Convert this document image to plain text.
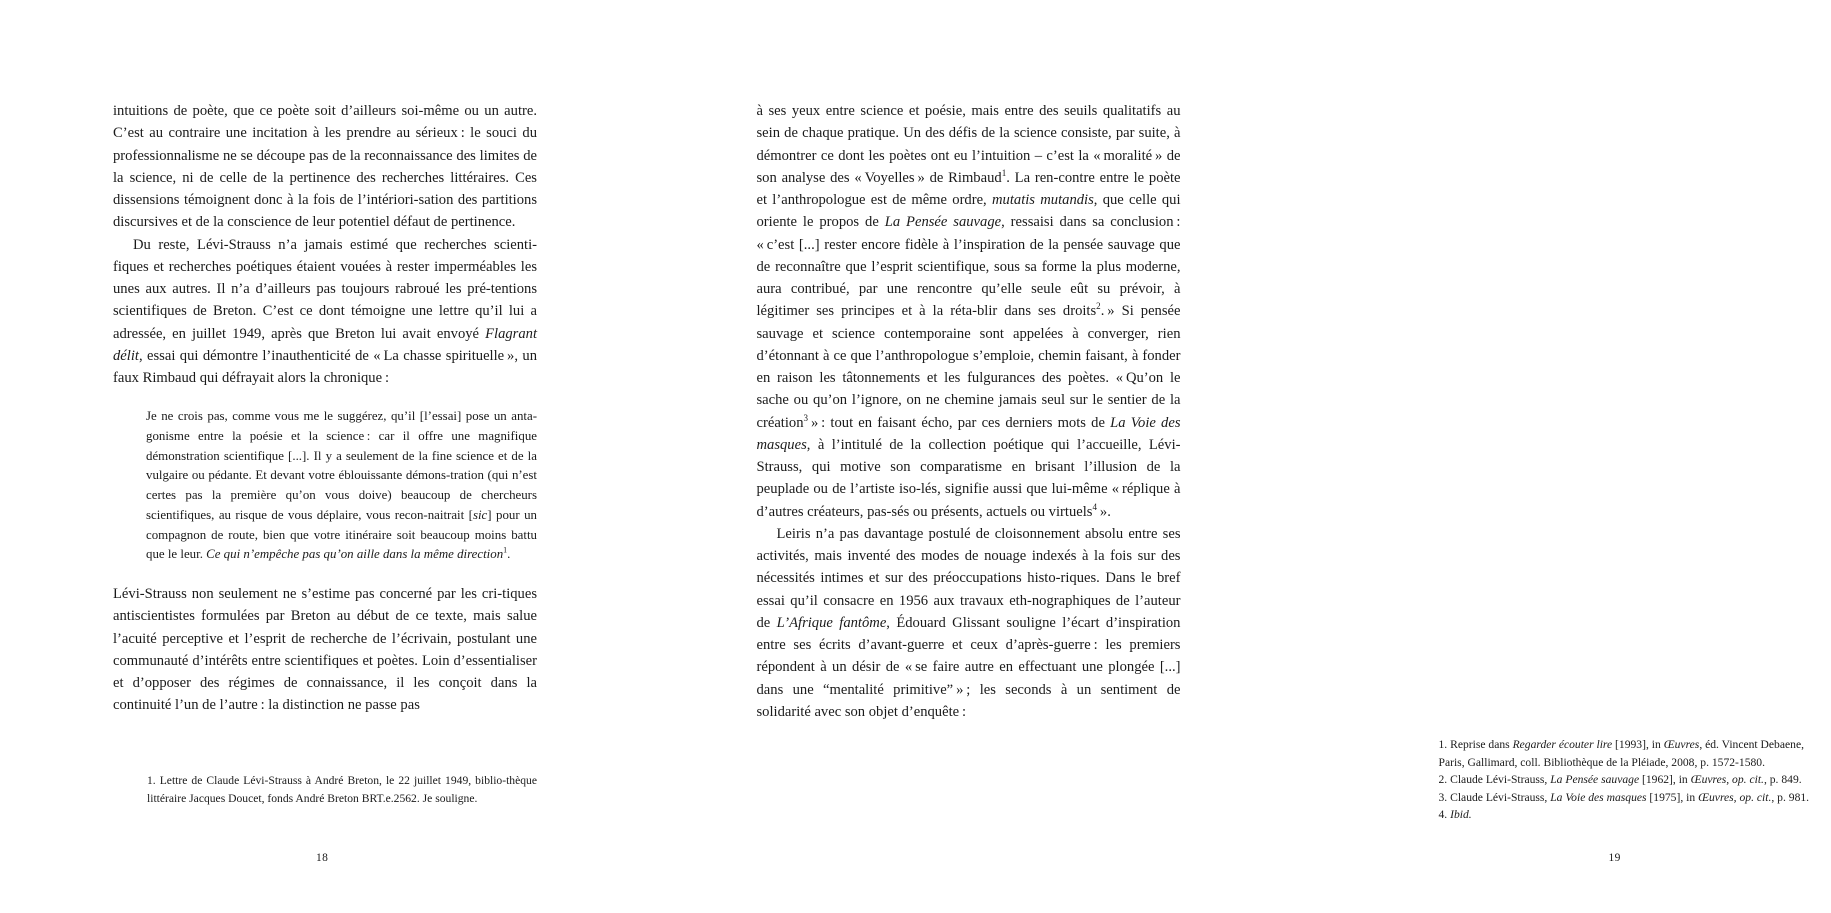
intuitions de poète, que ce poète soit d’ailleurs soi-même ou un autre. C’est au contraire une incitation à les prendre au sérieux : le souci du professionnalisme ne se découpe pas de la reconnaissance des limites de la science, ni de celle de la pertinence des recherches littéraires. Ces dissensions témoignent donc à la fois de l’intériori-sation des partitions discursives et de la conscience de leur potentiel défaut de pertinence.

Du reste, Lévi-Strauss n’a jamais estimé que recherches scienti-fiques et recherches poétiques étaient vouées à rester imperméables les unes aux autres. Il n’a d’ailleurs pas toujours rabroué les pré-tentions scientifiques de Breton. C’est ce dont témoigne une lettre qu’il lui a adressée, en juillet 1949, après que Breton lui avait envoyé Flagrant délit, essai qui démontre l’inauthenticité de « La chasse spirituelle », un faux Rimbaud qui défrayait alors la chronique :

Je ne crois pas, comme vous me le suggérez, qu’il [l’essai] pose un anta-gonisme entre la poésie et la science : car il offre une magnifique démonstration scientifique [...]. Il y a seulement de la fine science et de la vulgaire ou pédante. Et devant votre éblouissante démons-tration (qui n’est certes pas la première qu’on vous doive) beaucoup de chercheurs scientifiques, au risque de vous déplaire, vous recon-naitrait [sic] pour un compagnon de route, bien que votre itinéraire soit beaucoup moins battu que le leur. Ce qui n’empêche pas qu’on aille dans la même direction$^1$.

Lévi-Strauss non seulement ne s’estime pas concerné par les cri-tiques antiscientistes formulées par Breton au début de ce texte, mais salue l’acuité perceptive et l’esprit de recherche de l’écrivain, postulant une communauté d’intérêts entre scientifiques et poètes. Loin d’essentialiser et d’opposer des régimes de connaissance, il les conçoit dans la continuité l’un de l’autre : la distinction ne passe pas

1. Lettre de Claude Lévi-Strauss à André Breton, le 22 juillet 1949, biblio-thèque littéraire Jacques Doucet, fonds André Breton BRT.e.2562. Je souligne.

18

à ses yeux entre science et poésie, mais entre des seuils qualitatifs au sein de chaque pratique. Un des défis de la science consiste, par suite, à démontrer ce dont les poètes ont eu l’intuition – c’est la « moralité » de son analyse des « Voyelles » de Rimbaud$^1$. La ren-contre entre le poète et l’anthropologue est de même ordre, mutatis mutandis, que celle qui oriente le propos de La Pensée sauvage, ressaisi dans sa conclusion : « c’est [...] rester encore fidèle à l’inspiration de la pensée sauvage que de reconnaître que l’esprit scientifique, sous sa forme la plus moderne, aura contribué, par une rencontre qu’elle seule eût su prévoir, à légitimer ses principes et à la réta-blir dans ses droits$^2$. » Si pensée sauvage et science contemporaine sont appelées à converger, rien d’étonnant à ce que l’anthropologue s’emploie, chemin faisant, à fonder en raison les tâtonnements et les fulgurances des poètes. « Qu’on le sache ou qu’on l’ignore, on ne chemine jamais seul sur le sentier de la création$^3$ » : tout en faisant écho, par ces derniers mots de La Voie des masques, à l’intitulé de la collection poétique qui l’accueille, Lévi-Strauss, qui motive son comparatisme en brisant l’illusion de la peuplade ou de l’artiste iso-lés, signifie aussi que lui-même « réplique à d’autres créateurs, pas-sés ou présents, actuels ou virtuels$^4$ ».

Leiris n’a pas davantage postulé de cloisonnement absolu entre ses activités, mais inventé des modes de nouage indexés à la fois sur des nécessités intimes et sur des préoccupations histo-riques. Dans le bref essai qu’il consacre en 1956 aux travaux eth-nographiques de l’auteur de L’Afrique fantôme, Édouard Glissant souligne l’écart d’inspiration entre ses écrits d’avant-guerre et ceux d’après-guerre : les premiers répondent à un désir de « se faire autre en effectuant une plongée [...] dans une “mentalité primitive” » ; les seconds à un sentiment de solidarité avec son objet d’enquête :

1. Reprise dans Regarder écouter lire [1993], in Œuvres, éd. Vincent Debaene, Paris, Gallimard, coll. Bibliothèque de la Pléiade, 2008, p. 1572-1580.

2. Claude Lévi-Strauss, La Pensée sauvage [1962], in Œuvres, op. cit., p. 849.

3. Claude Lévi-Strauss, La Voie des masques [1975], in Œuvres, op. cit., p. 981.

4. Ibid.

19
